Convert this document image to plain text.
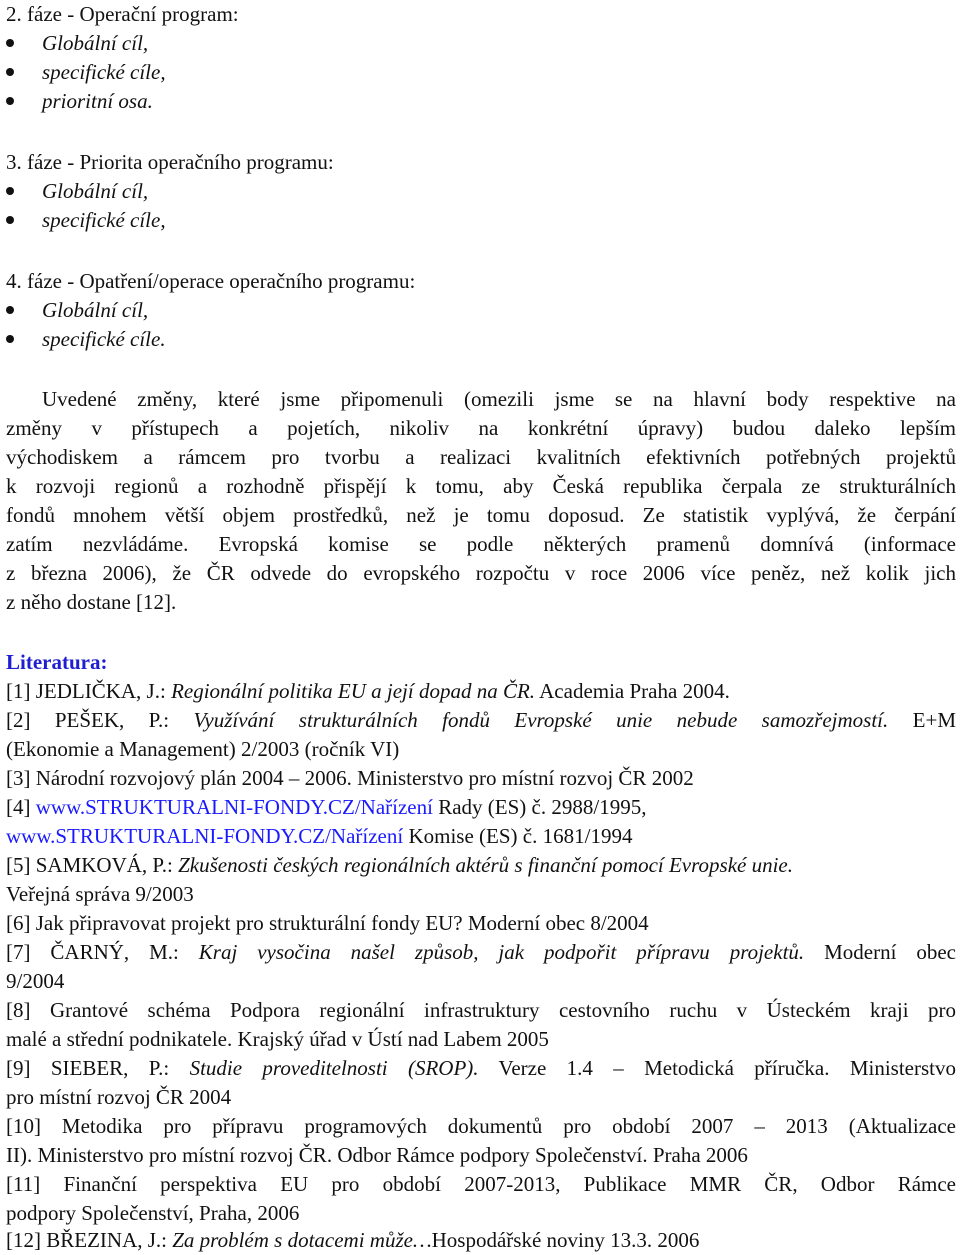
2. fáze - Operační program:
Globální cíl,
specifické cíle,
prioritní osa.
3. fáze - Priorita operačního programu:
Globální cíl,
specifické cíle,
4. fáze - Opatření/operace operačního programu:
Globální cíl,
specifické cíle.
Uvedené změny, které jsme připomenuli (omezili jsme se na hlavní body respektive na
změny v přístupech a pojetích, nikoliv na konkrétní úpravy) budou daleko lepším
východiskem a rámcem pro tvorbu a realizaci kvalitních efektivních potřebných projektů
k rozvoji regionů a rozhodně přispějí k tomu, aby Česká republika čerpala ze strukturálních
fondů mnohem větší objem prostředků, než je tomu doposud. Ze statistik vyplývá, že čerpání
zatím nezvládáme. Evropská komise se podle některých pramenů domnívá (informace
z března 2006), že ČR odvede do evropského rozpočtu v roce 2006 více peněz, než kolik jich
z něho dostane [12].
Literatura:
[1] JEDLIČKA, J.: Regionální politika EU a její dopad na ČR. Academia Praha 2004.
[2] PEŠEK, P.: Využívání strukturálních fondů Evropské unie nebude samozřejmostí. E+M
(Ekonomie a Management) 2/2003 (ročník VI)
[3] Národní rozvojový plán 2004 – 2006. Ministerstvo pro místní rozvoj ČR 2002
[4] www.STRUKTURALNI-FONDY.CZ/Nařízení Rady (ES) č. 2988/1995,
www.STRUKTURALNI-FONDY.CZ/Nařízení Komise (ES) č. 1681/1994
[5] SAMKOVÁ, P.: Zkušenosti českých regionálních aktérů s finanční pomocí Evropské unie.
Veřejná správa 9/2003
[6] Jak připravovat projekt pro strukturální fondy EU? Moderní obec 8/2004
[7] ČARNÝ, M.: Kraj vysočina našel způsob, jak podpořit přípravu projektů. Moderní obec
9/2004
[8] Grantové schéma Podpora regionální infrastruktury cestovního ruchu v Ústeckém kraji pro
malé a střední podnikatele. Krajský úřad v Ústí nad Labem 2005
[9] SIEBER, P.: Studie proveditelnosti (SROP). Verze 1.4 – Metodická příručka. Ministerstvo
pro místní rozvoj ČR 2004
[10] Metodika pro přípravu programových dokumentů pro období 2007 – 2013 (Aktualizace
II). Ministerstvo pro místní rozvoj ČR. Odbor Rámce podpory Společenství. Praha 2006
[11] Finanční perspektiva EU pro období 2007-2013, Publikace MMR ČR, Odbor Rámce
podpory Společenství, Praha, 2006
[12] BŘEZINA, J.: Za problém s dotacemi může…Hospodářské noviny 13.3. 2006
